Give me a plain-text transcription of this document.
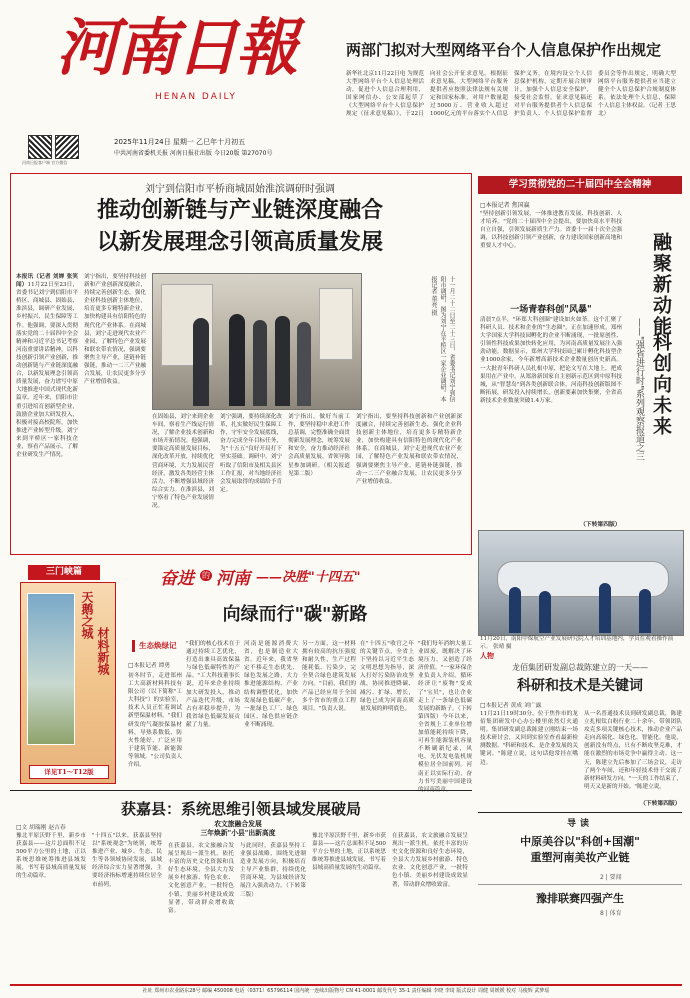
河南日報
HENAN DAILY
河南日报客户端 官方微信
2025年11月24日 星期一 乙巳年十月初五
中共河南省委机关报 河南日报社出版 今日20版 第27070号
两部门拟对大型网络平台个人信息保护作出规定

新华社北京11月22日电 为规范大型网络平台个人信息处理活动，促进个人信息合理利用，国家网信办、公安部起草了《大型网络平台个人信息保护规定（征求意见稿）》，于22日向社会公开征求意见。根据征求意见稿，大型网络平台服务提供者应按照法律法规有关规定和国家标准，对用户数量超过5000万、营业收入超过1000亿元的平台落实个人信息保护义务，在境内设立个人信息保护机构，定期开展合规审计，加强个人信息安全保护，接受社会监督。征求意见稿还对平台服务提供者个人信息保护负责人、个人信息保护监督委员会等作出规定，明确大型网络平台服务提供者应当建立健全个人信息保护合规制度体系，依法处理个人信息，保障个人信息主体权益。（记者 王思北）

刘宁到信阳市平桥商城固始淮滨调研时强调
推动创新链与产业链深度融合
以新发展理念引领高质量发展

本报讯（记者 刘婵 张笑闻）11月22日至23日，省委书记刘宁到信阳市平桥区、商城县、固始县、淮滨县，调研产业发展、乡村振兴、民生保障等工作。他强调，要深入贯彻落实党的二十届四中全会精神和习近平总书记考察河南重要讲话精神，以科技创新引领产业创新，推动创新链与产业链深度融合，以新发展理念引领高质量发展，奋力谱写中原大地推进中国式现代化新篇章。近年来，信阳市注重引进培育创新型企业，鼓励企业加大研发投入，积极对接高校院所，加快推进产业转型升级。刘宁来到平桥区一家科技企业，察看产品展示，了解企业研发生产情况。

刘宁指出，要坚持科技创新和产业创新深度融合，持续完善创新生态，强化企业科技创新主体地位，培育更多专精特新企业，加快构建具有信阳特色的现代化产业体系。在商城县，刘宁走进现代农业产业园，了解特色产业发展和联农带农情况，强调要聚焦主导产业，延链补链强链，推动一二三产业融合发展，让农民更多分享产业增值收益。	十一月二十二日至二十三日，省委书记刘宁到信阳市调研，图为刘宁在平桥区一家企业调研。本报记者 董亮 摄

在固始县，刘宁来到企业车间，察看生产线运行情况，了解企业技术创新和市场开拓情况。他强调，要锚定高质量发展目标，深化改革开放，持续优化营商环境，大力发展民营经济，激发各类经营主体活力，不断增强县域经济综合实力。在淮滨县，刘宁察看了特色产业发展情况。

刘宁强调，要持续深化改革，扎实做好民生保障工作，守牢安全发展底线，奋力完成全年目标任务，为"十五五"良好开局打下坚实基础。调研中，刘宁听取了信阳市及相关县区工作汇报，对当地经济社会发展取得的成绩给予肯定。

刘宁指出，做好当前工作，要坚持稳中求进工作总基调，完整准确全面贯彻新发展理念，统筹发展和安全，奋力推动经济社会高质量发展。省领导陈星参加调研。（相关报道见第二版）

刘宁指出，要坚持科技创新和产业创新深度融合，持续完善创新生态，强化企业科技创新主体地位，培育更多专精特新企业，加快构建具有信阳特色的现代化产业体系。在商城县，刘宁走进现代农业产业园，了解特色产业发展和联农带农情况，强调要聚焦主导产业，延链补链强链，推动一二三产业融合发展，让农民更多分享产业增值收益。

学习贯彻党的二十届四中全会精神
□本报记者 焦国赢

"坚持创新引领发展，一体推进教育发展、科技创新、人才培养。"党的二十届四中全会提出，要加快高水平科技自立自强，引领发展新质生产力。省委十一届十次全会强调，以科技创新引领产业创新，奋力建设国家创新高地和重要人才中心。

一场青春科创"风暴"

清晨7点半，"环郑大科创圈"建设如火如荼。这个汇聚了科研人员、技术和企业的"生态圈"，正在加速形成。郑州大学国家大学科技园孵化的企业不断涌现，一批原创性、引领性科技成果加快转化应用，为河南高质量发展注入强劲动能。数据显示，郑州大学科技园已累计孵化科技型企业1000余家，今年新增高新技术企业数量创历史新高。一大批青年科研人员扎根中原，把论文写在大地上，把成果用在产业中。从郑洛新国家自主创新示范区到中原科技城，从"智慧岛"到各类创新联合体，河南科技创新版图不断拓展，研发投入持续增长，创新要素加快集聚，全省高新技术企业数量突破1.4万家。

（下转第四版）
融聚新动能
——"强省进行时"系列观察报道之三 科创向未来
11月20日，南阳中煤航空产业发展研究院人才培训基地内，学员在观看操作演示。 张晴 摄
人物
龙佰集团研发副总裁陈建立的一天——
科研和技术是关键词
□本报记者 黄成 刘广露

11月21日19时30分，位于焦作市的龙佰集团研发中心办公楼里依然灯火通明。集团研发副总裁陈建立刚结束一场技术研讨会，又回到实验室查看最新检测数据。"科研和技术，是企业发展的关键词。"陈建立说，这句话他常挂在嘴边。

从一名普通技术员到研发副总裁，陈建立扎根钛白粉行业二十余年，带领团队攻克多项关键核心技术，推动企业产品走向高端化、绿色化、智能化。他说，创新没有终点，只有不断攻坚克难，才能在激烈的市场竞争中赢得主动。这一天，陈建立先后参加了三场会议，走访了两个车间，还和年轻技术骨干交流了新材料研发方向。"一天的工作结束了，明天又是新的开始。"陈建立说。

（下转第四版）
奋进 的 河南 ——决胜"十四五"
向绿而行"碳"新路
三门峡篇
天鹅之城
材料新城
详见T1～T12版
生态焕绿记
□本报记者 谭勇

初冬时节，走进郑州工大高新材料科技有限公司（以下简称"工大科技"）的实验室，技术人员正忙着调试新型保温材料。"我们研发的气凝胶保温材料，导热系数低、防火性能好，广泛应用于建筑节能、新能源等领域。"公司负责人介绍。

"我们的核心技术在于通过持续工艺优化，打造出兼具高效保温与绿色低碳特性的产品。"工大科技董事长说，近年来企业持续加大研发投入，推动产品迭代升级，市场占有率稳步提升，为我省绿色低碳发展贡献了力量。

河南是能源消费大省，也是制造业大省。近年来，我省坚定不移走生态优先、绿色发展之路，大力推进能源结构、产业结构调整优化，加快发展绿色低碳产业，一批绿色工厂、绿色园区、绿色供应链企业不断涌现。

另一方面，这一材料拥有较高的抗压强度和耐久性，生产过程能耗低、污染少，完全契合绿色建筑发展方向。"目前，我们的产品已经应用于全国多个省市的重点工程项目。"负责人说。

在"十四五"收官之年的关键节点，全省上下坚持以习近平生态文明思想为指导，深入打好污染防治攻坚战，协同推进降碳、减污、扩绿、增长，绿色已成为河南高质量发展的鲜明底色。

"我们每年消纳大量工业固废，既解决了环境压力，又创造了经济价值。"一家环保企业负责人介绍。循环经济让"废物"变成了"宝贝"，也让企业走上了一条绿色低碳发展的新路子。（下转第四版）今年以来，全省规上工业单位增加值能耗持续下降，可再生能源装机容量不断刷新纪录，风电、光伏发电装机规模位居全国前列。河南正以实际行动，奋力书写美丽中国建设

获嘉县：系统思维引领县域发展破局
□文 胡瑞刚 赵吉春

豫北平原沃野千里，新乡市获嘉县——这片总面积不足500平方公里的土地，正以系统思维统筹推进县域发展，书写着县域高质量发展的生动篇章。

"十四五"以来，获嘉县坚持以"系统观念"为统领，统筹推进产业、城乡、生态、民生等各领域协同发展，县域经济综合实力显著增强，主要经济指标增速持续位居全市前列。

农文旅融合发展
三年焕新"小县"出新高度

在获嘉县，农文旅融合发展呈现出一派生机。依托丰富的历史文化资源和良好生态环境，全县大力发展乡村旅游、特色农业、文化创意产业，一批特色小镇、美丽乡村建设成效显著，带动群众增收致富。

与此同时，获嘉县坚持工业强县战略，围绕先进制造业发展方向，积极培育主导产业集群，持续优化营商环境，为县域经济发展注入强劲动力。（下转第三版）

豫北平原沃野千里，新乡市获嘉县——这片总面积不足500平方公里的土地，正以系统思维统筹推进县域发展，书写着县域高质量发展的生动篇章。

在获嘉县，农文旅融合发展呈现出一派生机。依托丰富的历史文化资源和良好生态环境，全县大力发展乡村旅游、特色农业、文化创意产业，一批特色小镇、美丽乡村建设成效显著，带动群众增收致富。

导读
中原美谷以"科创+国潮"
重塑河南美妆产业链
2 | 要闻
豫排联赛四强产生
8 | 体育
社址 郑州市农业路东28号 邮编 450008 电话（0371）65796114 国内统一连续出版物号 CN 41-0001 邮发代号 35-1 责任编辑 李晓 李琦 版式设计 周健 周媛媛 校对 马俊辉 武梦瑶
